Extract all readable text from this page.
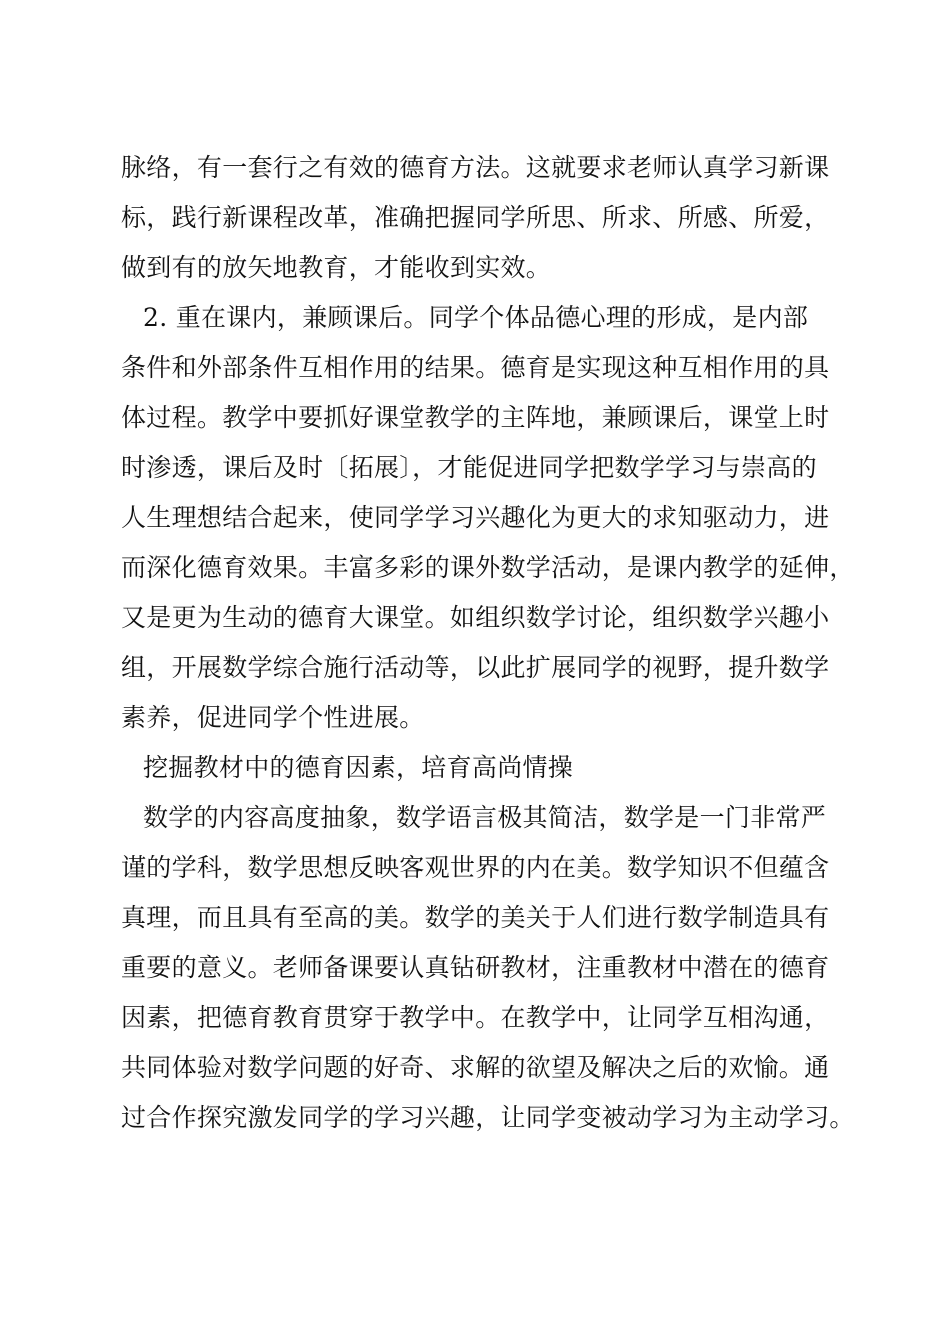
脉络，有一套行之有效的德育方法。这就要求老师认真学习新课
标，践行新课程改革，准确把握同学所思、所求、所感、所爱，
做到有的放矢地教育，才能收到实效。
2. 重在课内，兼顾课后。同学个体品德心理的形成，是内部
条件和外部条件互相作用的结果。德育是实现这种互相作用的具
体过程。教学中要抓好课堂教学的主阵地，兼顾课后，课堂上时
时渗透，课后及时〔拓展〕，才能促进同学把数学学习与崇高的
人生理想结合起来，使同学学习兴趣化为更大的求知驱动力，进
而深化德育效果。丰富多彩的课外数学活动，是课内教学的延伸，
又是更为生动的德育大课堂。如组织数学讨论，组织数学兴趣小
组，开展数学综合施行活动等，以此扩展同学的视野，提升数学
素养，促进同学个性进展。
挖掘教材中的德育因素，培育高尚情操
数学的内容高度抽象，数学语言极其简洁，数学是一门非常严
谨的学科，数学思想反映客观世界的内在美。数学知识不但蕴含
真理，而且具有至高的美。数学的美关于人们进行数学制造具有
重要的意义。老师备课要认真钻研教材，注重教材中潜在的德育
因素，把德育教育贯穿于教学中。在教学中，让同学互相沟通，
共同体验对数学问题的好奇、求解的欲望及解决之后的欢愉。通
过合作探究激发同学的学习兴趣，让同学变被动学习为主动学习。
